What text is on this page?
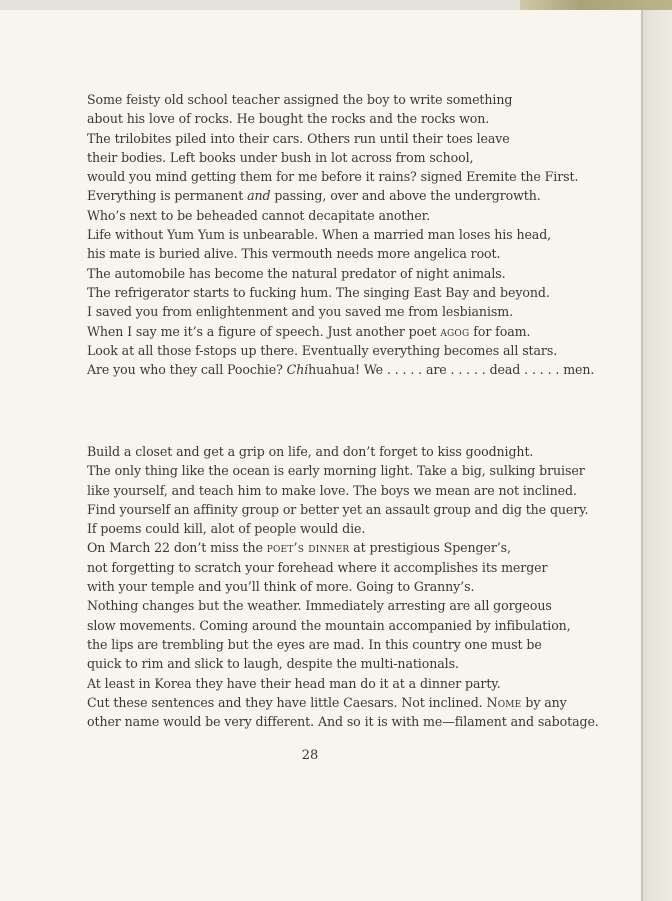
Some feisty old school teacher assigned the boy to write something
about his love of rocks. He bought the rocks and the rocks won.
The trilobites piled into their cars. Others run until their toes leave
their bodies. Left books under bush in lot across from school,
would you mind getting them for me before it rains? signed Eremite the First.
Everything is permanent and passing, over and above the undergrowth.
Who’s next to be beheaded cannot decapitate another.
Life without Yum Yum is unbearable. When a married man loses his head,
his mate is buried alive. This vermouth needs more angelica root.
The automobile has become the natural predator of night animals.
The refrigerator starts to fucking hum. The singing East Bay and beyond.
I saved you from enlightenment and you saved me from lesbianism.
When I say me it’s a figure of speech. Just another poet agog for foam.
Look at all those f-stops up there. Eventually everything becomes all stars.
Are you who they call Poochie? Chihuahua! We . . . . . are . . . . . dead . . . . . men.
Build a closet and get a grip on life, and don’t forget to kiss goodnight.
The only thing like the ocean is early morning light. Take a big, sulking bruiser
like yourself, and teach him to make love. The boys we mean are not inclined.
Find yourself an affinity group or better yet an assault group and dig the query.
If poems could kill, alot of people would die.
On March 22 don’t miss the poet’s dinner at prestigious Spenger’s,
not forgetting to scratch your forehead where it accomplishes its merger
with your temple and you’ll think of more. Going to Granny’s.
Nothing changes but the weather. Immediately arresting are all gorgeous
slow movements. Coming around the mountain accompanied by infibulation,
the lips are trembling but the eyes are mad. In this country one must be
quick to rim and slick to laugh, despite the multi-nationals.
At least in Korea they have their head man do it at a dinner party.
Cut these sentences and they have little Caesars. Not inclined. Nome by any
other name would be very different. And so it is with me—filament and sabotage.
28
